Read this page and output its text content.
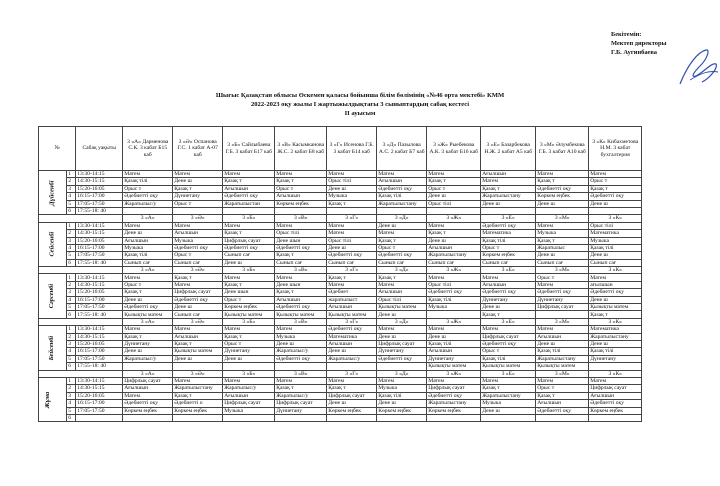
Бекітемін:
Мектеп директоры
Г.Б. Аугинбаева
Шығыс Қазақстан облысы Өскемен қаласы бойынша білім бөлімінің «№46 орта мектебі» КММ
2022-2023 оқу жылы І жартыжылдықтағы 3 сыныптардың сабақ кестесі
ІІ ауысым
№		Сабақ уақыты	3 «А» Дарменова С.К. 3 кабат Б15 каб	3 «Ә» Оспанова Г.С. 1 кабат А-07 каб	3 «Б» Сайлыбаева Г.Б. 3 кабат Б17 каб	3 «В» Касымканова Ж.С. 2 кабат Б8 каб	3 «Г» Исенова Г.Б. 3 кабат Б14 каб	3 «Д» Пазылова А.С. 2 кабат Б7 каб	3 «Ж» Рыебекова А.К. 3 кабат Б16 каб	3 «Е» Базарбекова Н.Ж. 2 кабат А5 каб	3 «М» Әлумбекова Г.Б. 3 кабат А10 каб	3 «К» Кибахметова Н.М. 3 кабат бухгалтерия
Дүйсенбі	1	13:30-14:15	Матем	Матем	Матем	Матем	Матем	Матем	Матем	Ағылшын	Матем	Матем
	2	14:30-15:15	Қазақ тілі	Дене ш	Қазақ т	Қазақ т	Орыс тілі	Ағылшын	Қазақ т	Матем	Қазақ т	Орыс т
	3	15:20-16:05	Орыс т	Қазақ т	Ағылшын	Орыс т	Дене ш	Әдебиетті оқу	Орыс т	Қазақ т	Әдебиетті оқу	Қазақ т
	4	16:15-17:00	Әдебиетті оқу	Дүниетану	Әдебиетті оқу	Ағылшын	Музыка	Қазақ тілі	Дене ш	Жаратылыстану	Көркем еңбек	Әдебиетті оқу
	5	17:05-17:50	Жаратылыс/у	Орыс т	Жаратылыстан	Көркем еңбек	Қазақ т	Жаратылыстану	Орыс тілі	Дене ш	Дене ш	Дене ш
	6	17:55-18: 40										
			3 «А»	3 «Ә»	3 «Б»	3 «В»	3 «Г»	3 «Д»	3 «Ж»	3 «Е»	3 «М»	3 «К»
Сейсенбі	1	13:30-14:15	Матем	Матем	Матем	Матем	Матем	Дене ш	Матем	Әдебиетті оқу	Матем	Орыс тілі
	2	14:30-15:15	Дене ш	Ағылшын	Қазақ т	Орыс тілі	Матем	Матем	Қазақ т	Математика	Музыка	Математика
	3	15:20-16:05	Ағылшын	Музыка	Цифрлық сауат	Дене шын	Орыс тілі	Қазақ т	Дене ш	Қазақ тілі	Қазақ т	Музыка
	4	16:15-17:00	Музыка	Әдебиетті оқу	Әдебиетті оқу	Әдебиетті оқу	Дене ш	Орыс т	Ағылшын	Орыс т	Жаратылыс	Қазақ тілі
	5	17:05-17:50	Қазақ тілі	Орыс т	Сынып сағ	Қазақ т	Әдебиетті оқу	Әдебиетті оқу	Жаратылыстану	Көркем еңбек	Дене ш	Дене ш
	6	17:55-18: 40	Сынып сағ	Сынып сағ	Дене ш	Сынып сағ	Сынып сағ	Сынып сағ	Сынып сағ	Сынып сағ	Сынып сағ	Сынып сағ
			3 «А»	3 «Ә»	3 «Б»	3 «В»	3 «Г»	3 «Д»	3 «Ж»	3 «Е»	3 «М»	3 «К»
Сәрсенбі	1	13:30-14:15	Матем	Қазақ т	Матем	Матем	Қазақ т	Қазақ т	Матем	Матем	Орыс т	Матем
	2	14:30-15:15	Орыс т	Матем	Қазақ т	Дене шын	Матем	Матем	Орыс тілі	Ағылшын	Матем	ағылшын
	3	15:20-16:05	Қазақ т	Цифрлық сауат	Дене шын	Қазақ т	Әдебиет	Ағылшын	Әдебиетті оқу	Әдебиетті оқу	Әдебиетті оқу	Әдебиетті оқу
	4	16:15-17:00	Дене ш	Әдебиетті оқу	Орыс т	Ағылшын	жаратылыст	Орыс тілі	Қазақ тілі	Дүниетану	Дүниетану	Дене ш
	5	17:05-17:50	Әдебиетті оқу	Дене ш	Көркем еңбек	Әдебиетті оқу	Ағылшын	Қызықты матем	Музыка	Дене ш	Цифрлық сауат	Қызықты матем
	6	17:55-18: 40	Қызықты матем	Сынып сағ	Қызықты матем	Қызықты матем	Қызықты матем	Дене ш		Қазақ т		Қазақ т
			3 «А»	3 «Ә»	3 «Б»	3 «В»	3 «Г»	3 «Д»	3 «Ж»	3 «Е»	3 «М»	3 «К»
Бейсенбі	1	13:30-14:15	Матем	Матем	Матем	Матем	Әдебиетті оқу	Матем	Матем	Матем	Матем	Математика
	2	14:30-15:15	Қазақ т	Ағылшын	Қазақ т	Музыка	Математика	Дене ш	Дене ш	Цифрлық сауат	Ағылшын	Жаратылыстану
	3	15:20-16:05	Дүниетану	Қазақ т	Орыс т	Дене ш	Ағылшын	Цифрлық сауат	Қазақ тілі	Әдебиетті оқу	Дене ш	Дене ш
	4	16:15-17:00	Дене ш	Қызықты матем	Дүниетану	Жаратылыс/у	Дене ш	Дүниетану	Ағылшын	Орыс т	Қазақ тілі	Қазақ тілі
	5	17:05-17:50	Жаратылыс/у	Дене ш	Дене ш	Әдебиетті оқу	Жаратылыс/у	Әдебиетті оқу	Дүниетану	Қазақ тілі	Жаратылыстану	Дүниетану
	6	17:55-18: 40							Қызықты матем	Қызықты матем	Қызықты матем	
			3 «А»	3 «Ә»	3 «Б»	3 «В»	3 «Г»	3 «Д»	3 «Ж»	3 «Е»	3 «М»	3 «К»
Жұма	1	13:30-14:15	Цифрлық сауат	Матем	Матем	Матем	Матем	Матем	Матем	Матем	Матем	Матем
	2	14:30-15:15	Ағылшын	Жаратылыстану	Жаратылыс/у	Қазақ т	Қазақ т	Музыка	Цифрлық сауат	Қазақ т	Орыс т	Цифрлық сауат
	3	15:20-16:05	Матем	Қазақ т	Ағылшын	Жаратылыс/у	Цифрлық сауат	Қазақ тілі	Әдебиетті оқу	Жаратылыстану	Қазақ т	Ағылшын
	4	16:15-17:00	Әдебиетті оқу	Әдебиетті о	Цифрлық сауат	Цифрлық сауат	Дене ш	Дене ш	Жаратылыстану	Музыка	Ағылшын	Әдебиетті оқу
	5	17:05-17:50	Көркем еңбек	Көркем еңбек	Музыка	Дүниетану	Көркем еңбек	Көркем еңбек	Көркем еңбек	Дене ш	Әдебиетті оқу	Көркем еңбек
	6											
